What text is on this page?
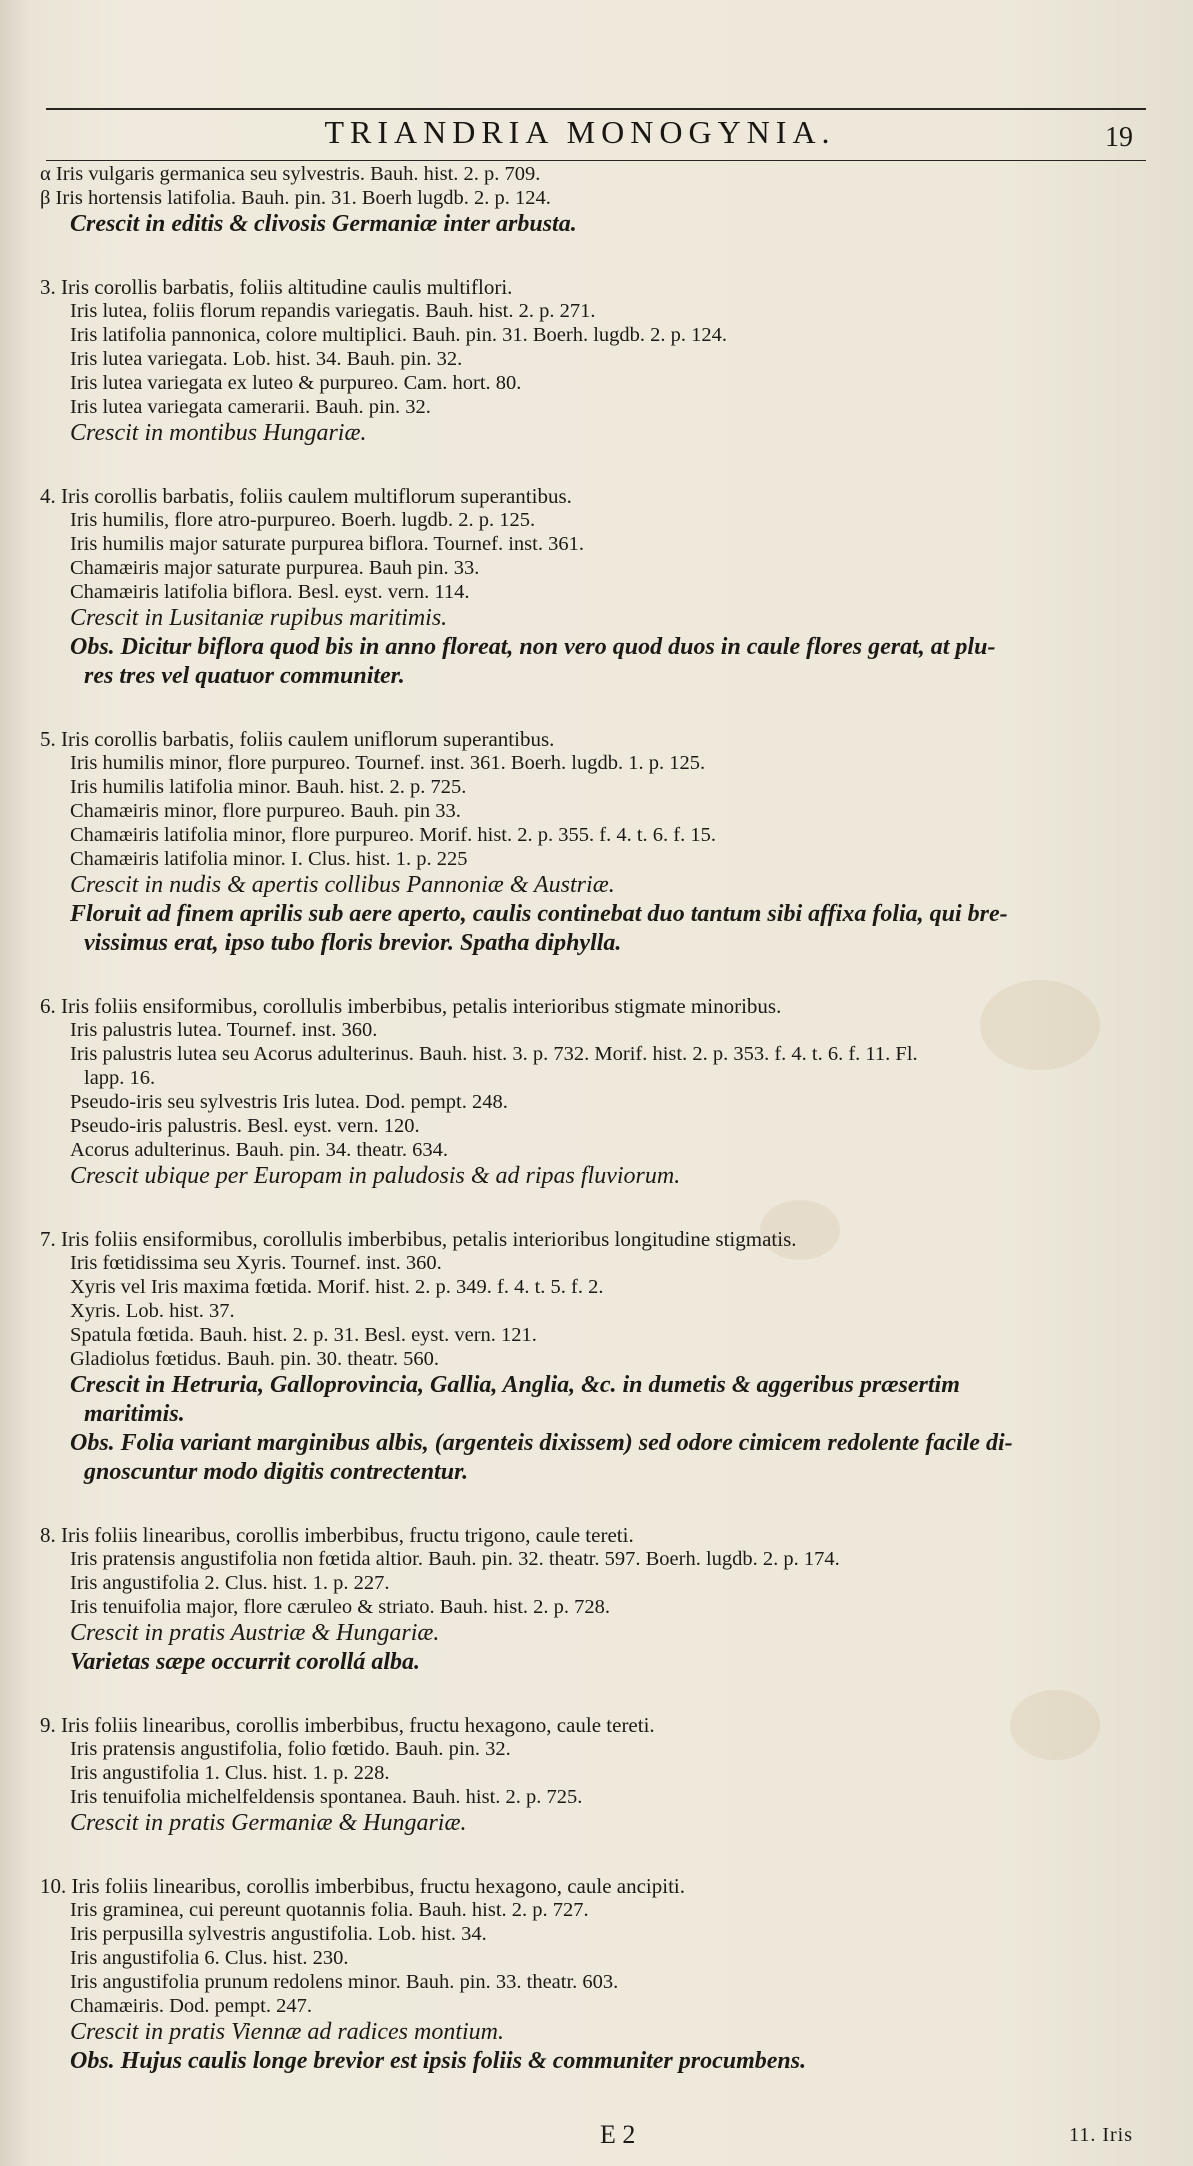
TRIANDRIA MONOGYNIA.	19
α Iris vulgaris germanica seu sylvestris. Bauh. hist. 2. p. 709.
β Iris hortensis latifolia. Bauh. pin. 31. Boerh lugdb. 2. p. 124.
Crescit in editis & clivosis Germaniæ inter arbusta.
3. Iris corollis barbatis, foliis altitudine caulis multiflori.
Iris lutea, foliis florum repandis variegatis. Bauh. hist. 2. p. 271.
Iris latifolia pannonica, colore multiplici. Bauh. pin. 31. Boerh. lugdb. 2. p. 124.
Iris lutea variegata. Lob. hist. 34. Bauh. pin. 32.
Iris lutea variegata ex luteo & purpureo. Cam. hort. 80.
Iris lutea variegata camerarii. Bauh. pin. 32.
Crescit in montibus Hungariæ.
4. Iris corollis barbatis, foliis caulem multiflorum superantibus.
Iris humilis, flore atro-purpureo. Boerh. lugdb. 2. p. 125.
Iris humilis major saturate purpurea biflora. Tournef. inst. 361.
Chamæiris major saturate purpurea. Bauh pin. 33.
Chamæiris latifolia biflora. Besl. eyst. vern. 114.
Crescit in Lusitaniæ rupibus maritimis.
Obs. Dicitur biflora quod bis in anno floreat, non vero quod duos in caule flores gerat, at plu-
res tres vel quatuor communiter.
5. Iris corollis barbatis, foliis caulem uniflorum superantibus.
Iris humilis minor, flore purpureo. Tournef. inst. 361. Boerh. lugdb. 1. p. 125.
Iris humilis latifolia minor. Bauh. hist. 2. p. 725.
Chamæiris minor, flore purpureo. Bauh. pin 33.
Chamæiris latifolia minor, flore purpureo. Morif. hist. 2. p. 355. f. 4. t. 6. f. 15.
Chamæiris latifolia minor. I. Clus. hist. 1. p. 225
Crescit in nudis & apertis collibus Pannoniæ & Austriæ.
Floruit ad finem aprilis sub aere aperto, caulis continebat duo tantum sibi affixa folia, qui bre-
vissimus erat, ipso tubo floris brevior. Spatha diphylla.
6. Iris foliis ensiformibus, corollulis imberbibus, petalis interioribus stigmate minoribus.
Iris palustris lutea. Tournef. inst. 360.
Iris palustris lutea seu Acorus adulterinus. Bauh. hist. 3. p. 732. Morif. hist. 2. p. 353. f. 4. t. 6. f. 11. Fl.
lapp. 16.
Pseudo-iris seu sylvestris Iris lutea. Dod. pempt. 248.
Pseudo-iris palustris. Besl. eyst. vern. 120.
Acorus adulterinus. Bauh. pin. 34. theatr. 634.
Crescit ubique per Europam in paludosis & ad ripas fluviorum.
7. Iris foliis ensiformibus, corollulis imberbibus, petalis interioribus longitudine stigmatis.
Iris fœtidissima seu Xyris. Tournef. inst. 360.
Xyris vel Iris maxima fœtida. Morif. hist. 2. p. 349. f. 4. t. 5. f. 2.
Xyris. Lob. hist. 37.
Spatula fœtida. Bauh. hist. 2. p. 31. Besl. eyst. vern. 121.
Gladiolus fœtidus. Bauh. pin. 30. theatr. 560.
Crescit in Hetruria, Galloprovincia, Gallia, Anglia, &c. in dumetis & aggeribus præsertim
maritimis.
Obs. Folia variant marginibus albis, (argenteis dixissem) sed odore cimicem redolente facile di-
gnoscuntur modo digitis contrectentur.
8. Iris foliis linearibus, corollis imberbibus, fructu trigono, caule tereti.
Iris pratensis angustifolia non fœtida altior. Bauh. pin. 32. theatr. 597. Boerh. lugdb. 2. p. 174.
Iris angustifolia 2. Clus. hist. 1. p. 227.
Iris tenuifolia major, flore cæruleo & striato. Bauh. hist. 2. p. 728.
Crescit in pratis Austriæ & Hungariæ.
Varietas sæpe occurrit corollá alba.
9. Iris foliis linearibus, corollis imberbibus, fructu hexagono, caule tereti.
Iris pratensis angustifolia, folio fœtido. Bauh. pin. 32.
Iris angustifolia 1. Clus. hist. 1. p. 228.
Iris tenuifolia michelfeldensis spontanea. Bauh. hist. 2. p. 725.
Crescit in pratis Germaniæ & Hungariæ.
10. Iris foliis linearibus, corollis imberbibus, fructu hexagono, caule ancipiti.
Iris graminea, cui pereunt quotannis folia. Bauh. hist. 2. p. 727.
Iris perpusilla sylvestris angustifolia. Lob. hist. 34.
Iris angustifolia 6. Clus. hist. 230.
Iris angustifolia prunum redolens minor. Bauh. pin. 33. theatr. 603.
Chamæiris. Dod. pempt. 247.
Crescit in pratis Viennæ ad radices montium.
Obs. Hujus caulis longe brevior est ipsis foliis & communiter procumbens.
E 2	11. Iris
